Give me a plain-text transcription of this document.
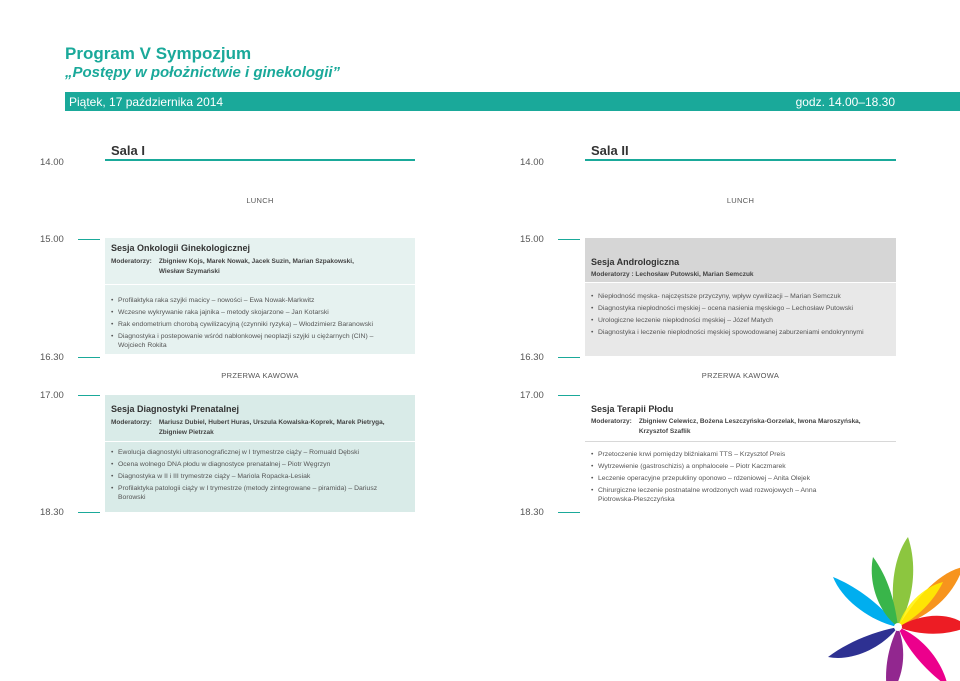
Program V Sympozjum
„Postępy w położnictwie i ginekologii”
Piątek, 17 października 2014	godz. 14.00–18.30
14.00
15.00
16.30
17.00
18.30
Sala I
LUNCH
Sesja Onkologii Ginekologicznej
Moderatorzy: Zbigniew Kojs, Marek Nowak, Jacek Suzin, Marian Szpakowski,
Wiesław Szymański
• Profilaktyka raka szyjki macicy – nowości – Ewa Nowak-Markwitz
• Wczesne wykrywanie raka jajnika – metody skojarzone – Jan Kotarski
• Rak endometrium chorobą cywilizacyjną (czynniki ryzyka) – Włodzimierz Baranowski
• Diagnostyka i postepowanie wśród nablonkowej neoplazji szyjki u ciężarnych (CIN) – Wojciech Rokita
PRZERWA KAWOWA
Sesja Diagnostyki Prenatalnej
Moderatorzy: Mariusz Dubiel, Hubert Huras, Urszula Kowalska-Koprek, Marek Pietryga,
Zbigniew Pietrzak
• Ewolucja diagnostyki ultrasonograficznej w I trymestrze ciąży – Romuald Dębski
• Ocena wolnego DNA płodu w diagnostyce prenatalnej – Piotr Węgrzyn
• Diagnostyka w II i III trymestrze ciąży – Mariola Ropacka-Lesiak
• Profilaktyka patologii ciąży w I trymestrze (metody zintegrowane – piramida) – Dariusz Borowski
14.00
15.00
16.30
17.00
18.30
Sala II
LUNCH
Sesja Andrologiczna
Moderatorzy : Lechosław Putowski, Marian Semczuk
• Niepłodność męska- najczęstsze przyczyny, wpływ cywilizacji – Marian Semczuk
• Diagnostyka niepłodności męskiej – ocena nasienia męskiego – Lechosław Putowski
• Urologiczne leczenie niepłodności męskiej – Józef Matych
• Diagnostyka i leczenie niepłodności męskiej spowodowanej zaburzeniami endokrynnymi
PRZERWA KAWOWA
Sesja Terapii Płodu
Moderatorzy: Zbigniew Celewicz, Bożena Leszczyńska-Gorzelak, Iwona Maroszyńska,
Krzysztof Szaflik
• Przetoczenie krwi pomiędzy bliźniakami TTS – Krzysztof Preis
• Wytrzewienie (gastroschizis) a onphalocele – Piotr Kaczmarek
• Leczenie operacyjne przepukliny oponowo – rdzeniowej – Anita Olejek
• Chirurgiczne leczenie postnatalne wrodzonych wad rozwojowych – Anna Piotrowska-Pleszczyńska
